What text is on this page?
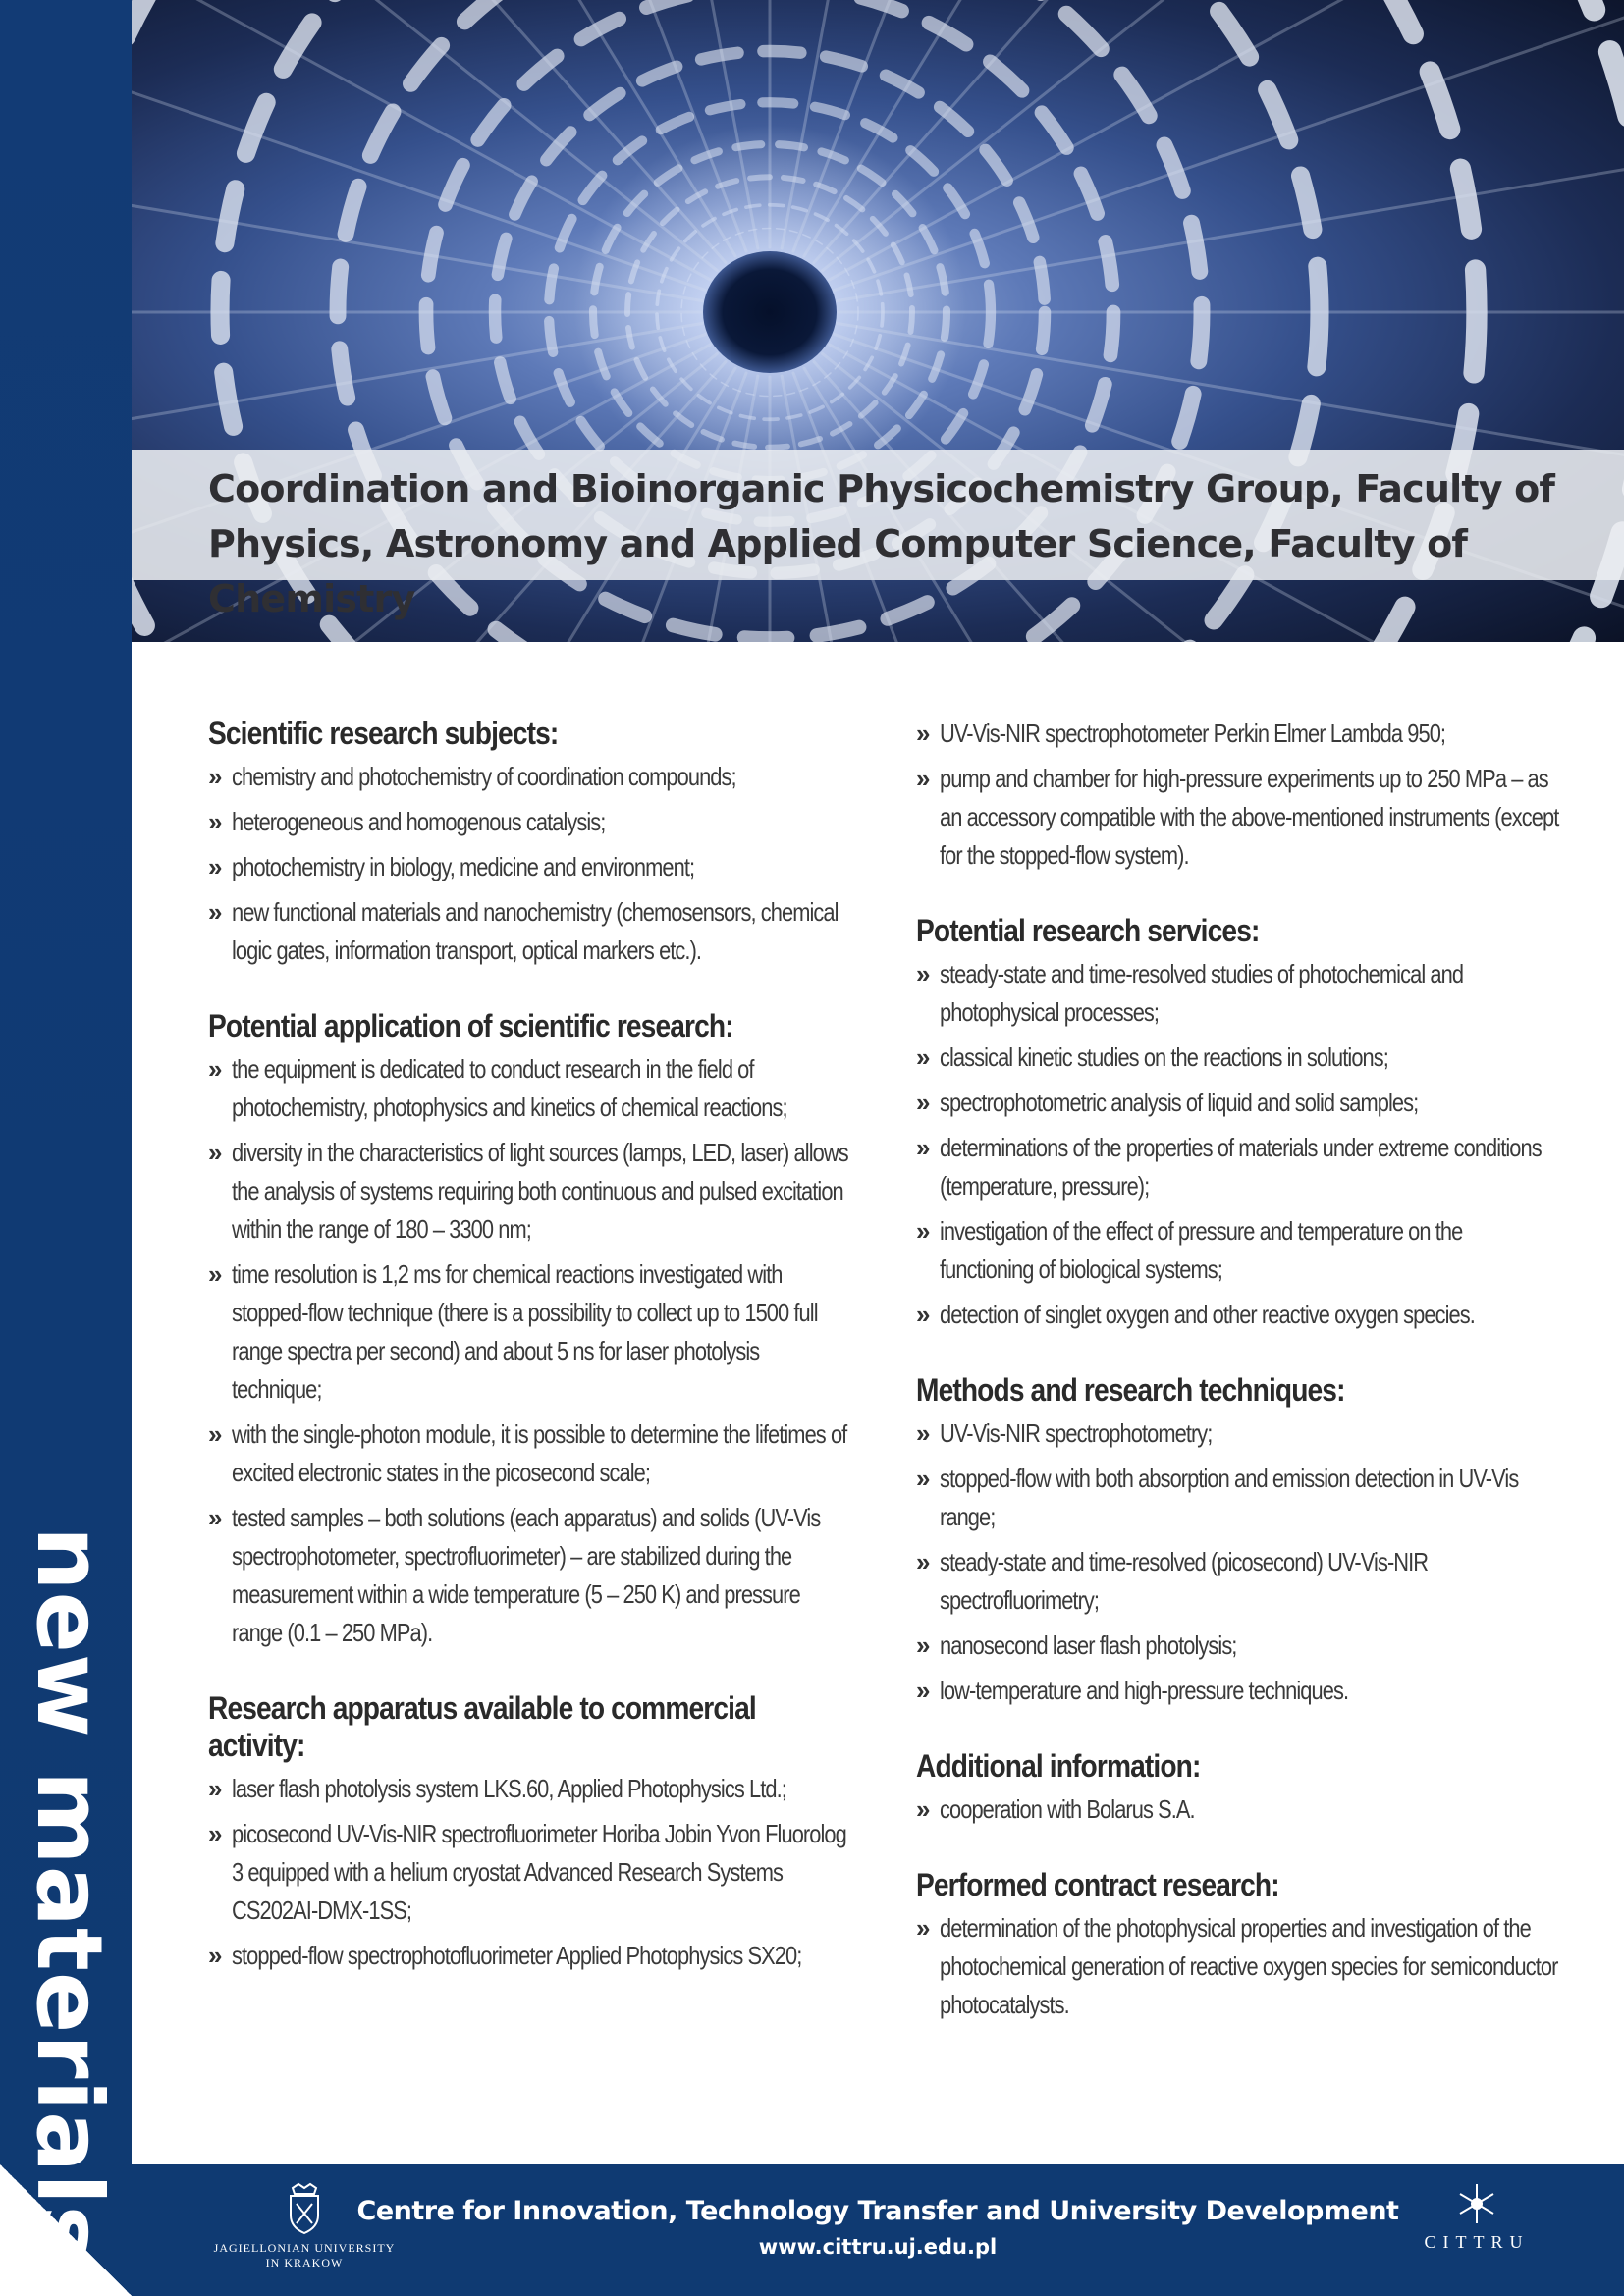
new materials
Coordination and Bioinorganic Physicochemistry Group, Faculty of
Physics, Astronomy and Applied Computer Science, Faculty of Chemistry
Scientific research subjects:
» chemistry and photochemistry of coordination compounds;
» heterogeneous and homogenous catalysis;
» photochemistry in biology, medicine and environment;
» new functional materials and nanochemistry (chemosensors, chemical logic gates, information transport, optical markers etc.).
Potential application of scientific research:
» the equipment is dedicated to conduct research in the field of photochemistry, photophysics and kinetics of chemical reactions;
» diversity in the characteristics of light sources (lamps, LED, laser) allows the analysis of systems requiring both continuous and pulsed excitation within the range of 180 – 3300 nm;
» time resolution is 1,2 ms for chemical reactions investigated with stopped-flow technique (there is a possibility to collect up to 1500 full range spectra per second) and about 5 ns for laser photolysis technique;
» with the single-photon module, it is possible to determine the lifetimes of excited electronic states in the picosecond scale;
» tested samples – both solutions (each apparatus) and solids (UV-Vis spectrophotometer, spectrofluorimeter) – are stabilized during the measurement within a wide temperature (5 – 250 K) and pressure range (0.1 – 250 MPa).
Research apparatus available to commercial activity:
» laser flash photolysis system LKS.60, Applied Photophysics Ltd.;
» picosecond UV-Vis-NIR spectrofluorimeter Horiba Jobin Yvon Fluorolog 3 equipped with a helium cryostat Advanced Research Systems CS202AI-DMX-1SS;
» stopped-flow spectrophotofluorimeter Applied Photophysics SX20;
» UV-Vis-NIR spectrophotometer Perkin Elmer Lambda 950;
» pump and chamber for high-pressure experiments up to 250 MPa – as an accessory compatible with the above-mentioned instruments (except for the stopped-flow system).
Potential research services:
» steady-state and time-resolved studies of photochemical and photophysical processes;
» classical kinetic studies on the reactions in solutions;
» spectrophotometric analysis of liquid and solid samples;
» determinations of the properties of materials under extreme conditions (temperature, pressure);
» investigation of the effect of pressure and temperature on the functioning of biological systems;
» detection of singlet oxygen and other reactive oxygen species.
Methods and research techniques:
» UV-Vis-NIR spectrophotometry;
» stopped-flow with both absorption and emission detection in UV-Vis range;
» steady-state and time-resolved (picosecond) UV-Vis-NIR spectrofluorimetry;
» nanosecond laser flash photolysis;
» low-temperature and high-pressure techniques.
Additional information:
» cooperation with Bolarus S.A.
Performed contract research:
» determination of the photophysical properties and investigation of the photochemical generation of reactive oxygen species for semiconductor photocatalysts.
JAGIELLONIAN UNIVERSITY IN KRAKOW
Centre for Innovation, Technology Transfer and University Development
www.cittru.uj.edu.pl	CITTRU
